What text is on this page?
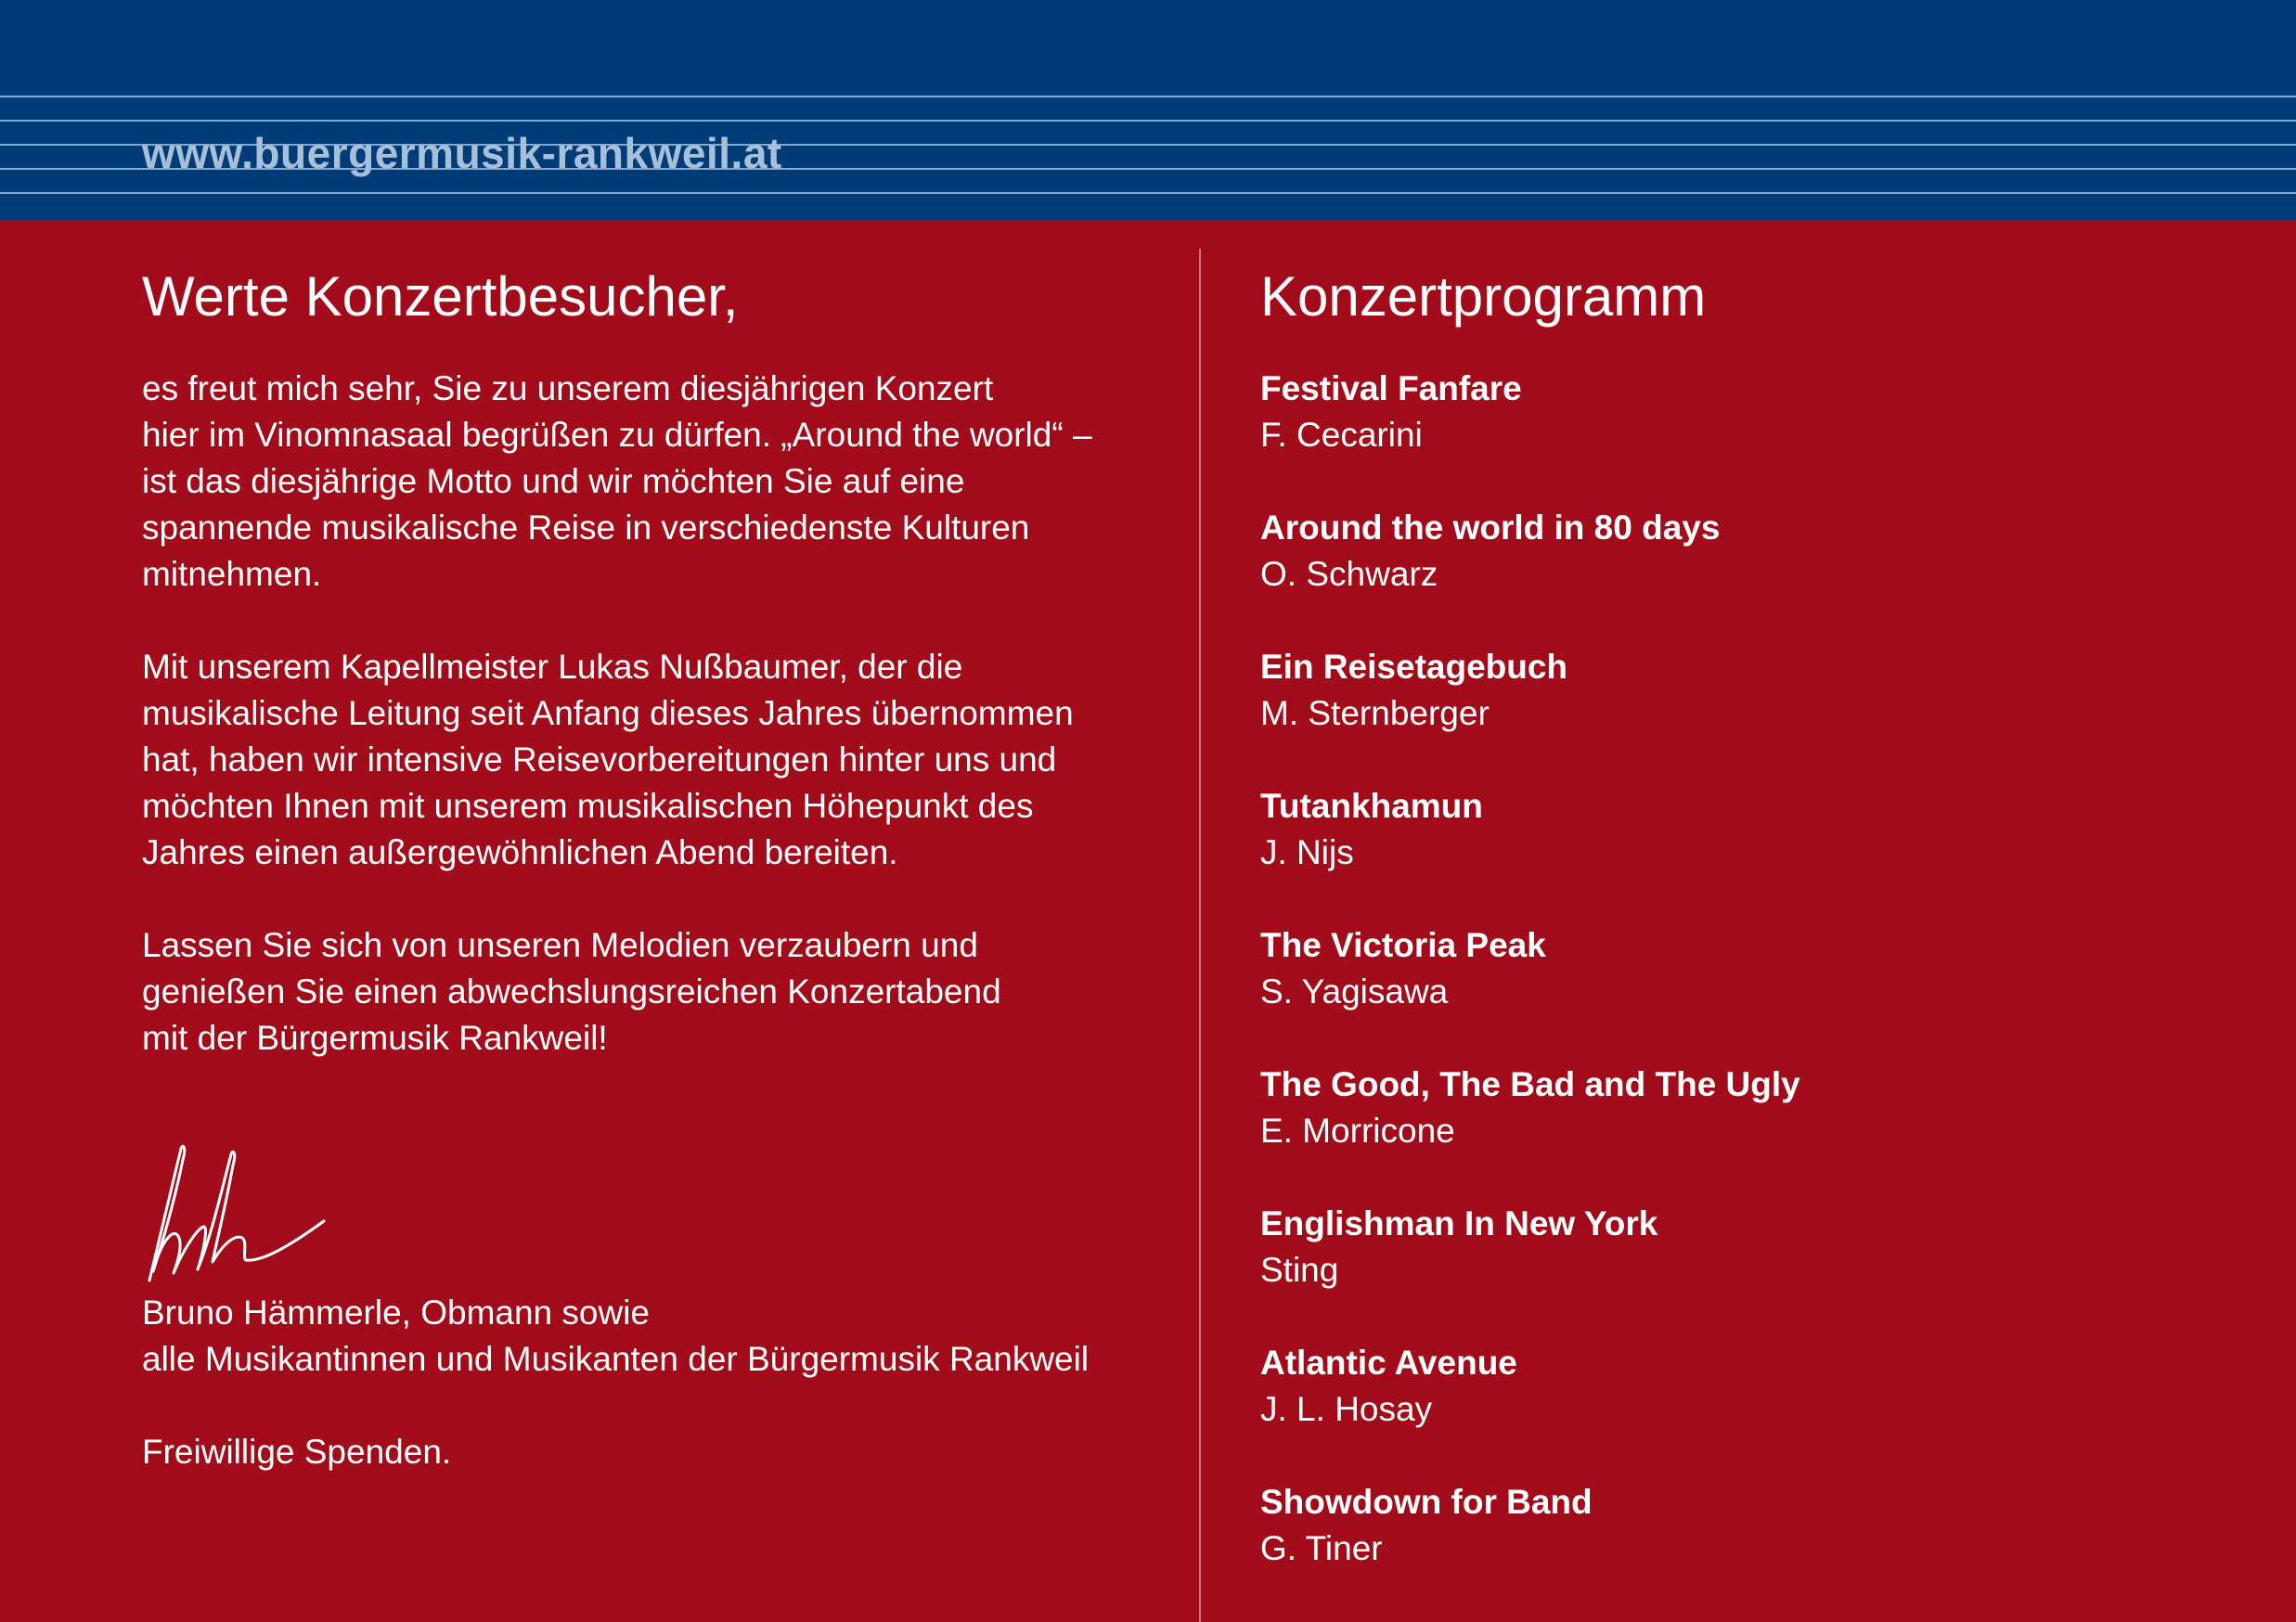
www.buergermusik-rankweil.at
Werte Konzertbesucher,

es freut mich sehr, Sie zu unserem diesjährigen Konzert
hier im Vinomnasaal begrüßen zu dürfen. „Around the world“ –
ist das diesjährige Motto und wir möchten Sie auf eine
spannende musikalische Reise in verschiedenste Kulturen
mitnehmen.

Mit unserem Kapellmeister Lukas Nußbaumer, der die
musikalische Leitung seit Anfang dieses Jahres übernommen
hat, haben wir intensive Reisevorbereitungen hinter uns und
möchten Ihnen mit unserem musikalischen Höhepunkt des
Jahres einen außergewöhnlichen Abend bereiten.

Lassen Sie sich von unseren Melodien verzaubern und
genießen Sie einen abwechslungsreichen Konzertabend
mit der Bürgermusik Rankweil!

Bruno Hämmerle, Obmann sowie
alle Musikantinnen und Musikanten der Bürgermusik Rankweil

Freiwillige Spenden.

Konzertprogramm
Festival Fanfare
F. Cecarini
Around the world in 80 days
O. Schwarz
Ein Reisetagebuch
M. Sternberger
Tutankhamun
J. Nijs
The Victoria Peak
S. Yagisawa
The Good, The Bad and The Ugly
E. Morricone
Englishman In New York
Sting
Atlantic Avenue
J. L. Hosay
Showdown for Band
G. Tiner
